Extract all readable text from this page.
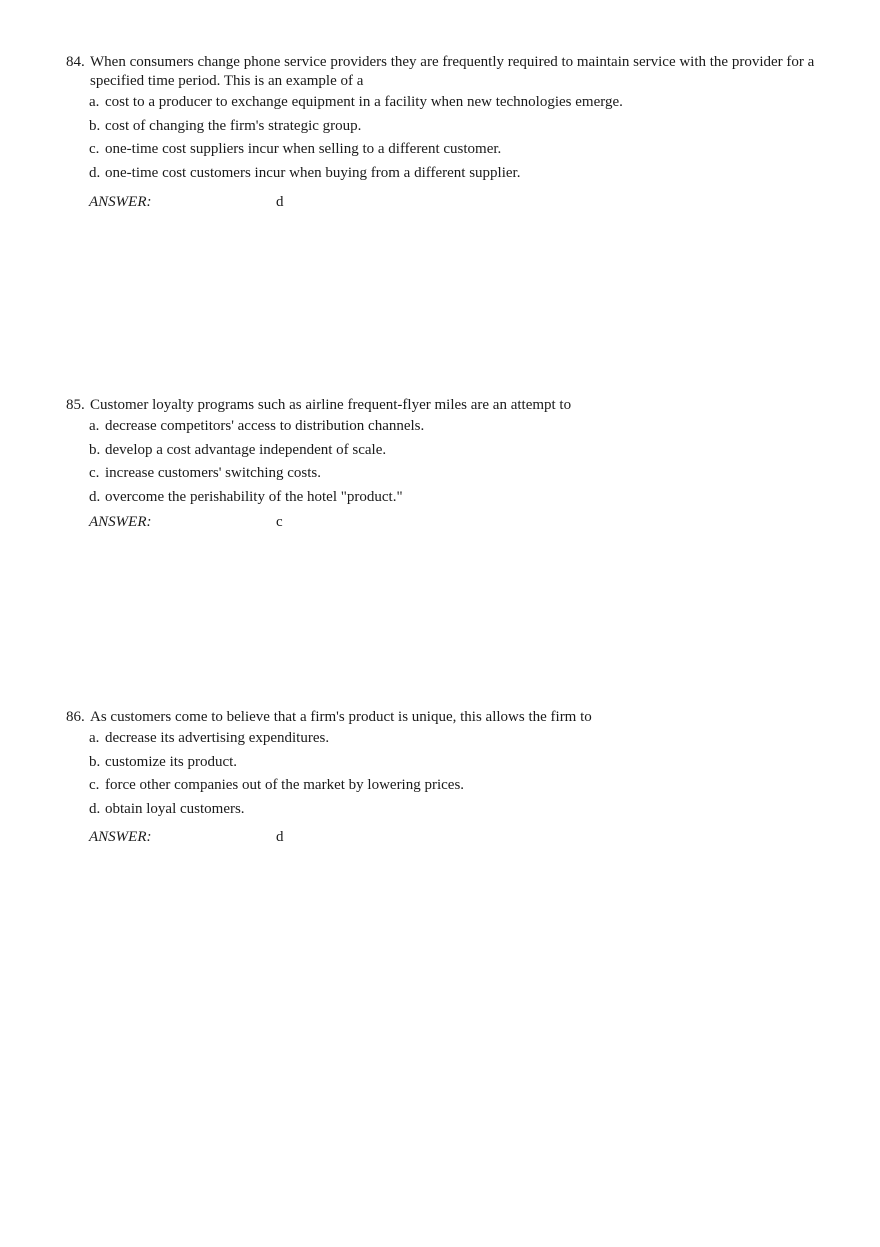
84. When consumers change phone service providers they are frequently required to maintain service with the provider for a specified time period. This is an example of a
a. cost to a producer to exchange equipment in a facility when new technologies emerge.
b. cost of changing the firm's strategic group.
c. one-time cost suppliers incur when selling to a different customer.
d. one-time cost customers incur when buying from a different supplier.
ANSWER:	d
85. Customer loyalty programs such as airline frequent-flyer miles are an attempt to
a. decrease competitors' access to distribution channels.
b. develop a cost advantage independent of scale.
c. increase customers' switching costs.
d. overcome the perishability of the hotel "product."
ANSWER:	c
86. As customers come to believe that a firm's product is unique, this allows the firm to
a. decrease its advertising expenditures.
b. customize its product.
c. force other companies out of the market by lowering prices.
d. obtain loyal customers.
ANSWER:	d
